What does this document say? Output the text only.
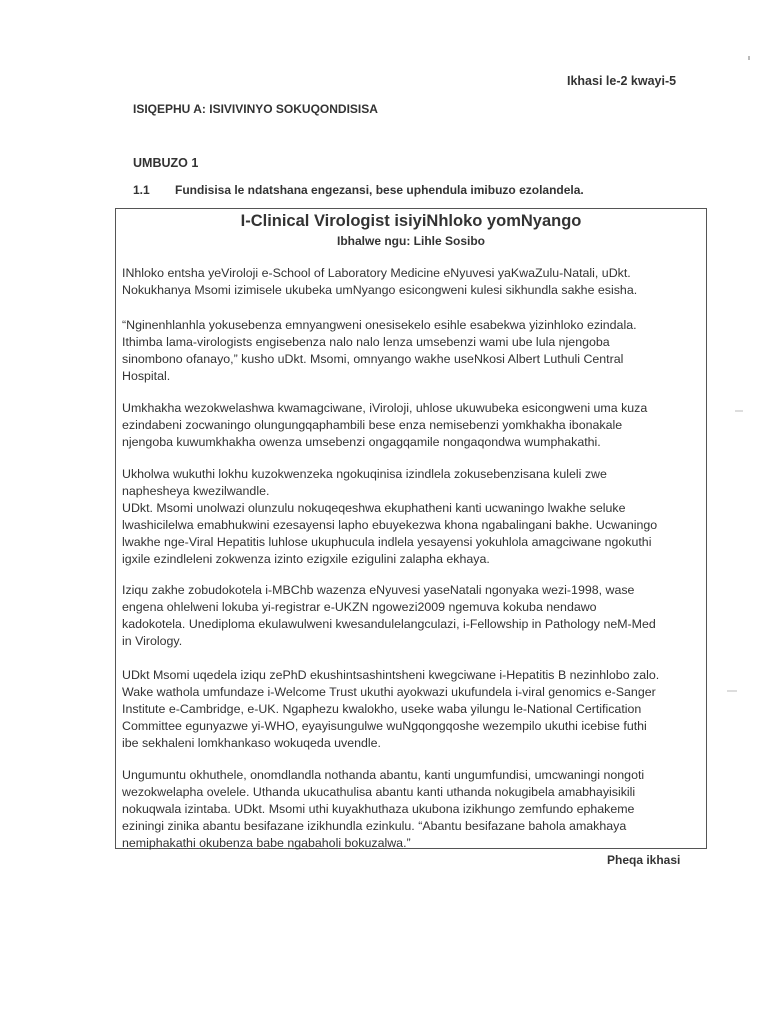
Ikhasi le-2 kwayi-5
ISIQEPHU A: ISIVIVINYO SOKUQONDISISA
UMBUZO 1
1.1 Fundisisa le ndatshana engezansi, bese uphendula imibuzo ezolandela.
I-Clinical Virologist isiyiNhloko yomNyango
Ibhalwe ngu: Lihle Sosibo
INhloko entsha yeViroloji e-School of Laboratory Medicine eNyuvesi yaKwaZulu-Natali, uDkt.
Nokukhanya Msomi izimisele ukubeka umNyango esicongweni kulesi sikhundla sakhe esisha.
“Nginenhlanhla yokusebenza emnyangweni onesisekelo esihle esabekwa yizinhloko ezindala.
Ithimba lama-virologists engisebenza nalo nalo lenza umsebenzi wami ube lula njengoba
sinombono ofanayo,” kusho uDkt. Msomi, omnyango wakhe useNkosi Albert Luthuli Central
Hospital.
Umkhakha wezokwelashwa kwamagciwane, iViroloji, uhlose ukuwubeka esicongweni uma kuza
ezindabeni zocwaningo olungungqaphambili bese enza nemisebenzi yomkhakha ibonakale
njengoba kuwumkhakha owenza umsebenzi ongagqamile nongaqondwa wumphakathi.
Ukholwa wukuthi lokhu kuzokwenzeka ngokuqinisa izindlela zokusebenzisana kuleli zwe
naphesheya kwezilwandle.
UDkt. Msomi unolwazi olunzulu nokuqeqeshwa ekuphatheni kanti ucwaningo lwakhe seluke
lwashicilelwa emabhukwini ezesayensi lapho ebuyekezwa khona ngabalingani bakhe. Ucwaningo
lwakhe nge-Viral Hepatitis luhlose ukuphucula indlela yesayensi yokuhlola amagciwane ngokuthi
igxile ezindleleni zokwenza izinto ezigxile ezigulini zalapha ekhaya.
Iziqu zakhe zobudokotela i-MBChb wazenza eNyuvesi yaseNatali ngonyaka wezi-1998, wase
engena ohlelweni lokuba yi-registrar e-UKZN ngowezi2009 ngemuva kokuba nendawo
kadokotela. Unediploma ekulawulweni kwesandulelangculazi, i-Fellowship in Pathology neM-Med
in Virology.
UDkt Msomi uqedela iziqu zePhD ekushintsashintsheni kwegciwane i-Hepatitis B nezinhlobo zalo.
Wake wathola umfundaze i-Welcome Trust ukuthi ayokwazi ukufundela i-viral genomics e-Sanger
Institute e-Cambridge, e-UK. Ngaphezu kwalokho, useke waba yilungu le-National Certification
Committee egunyazwe yi-WHO, eyayisungulwe wuNgqongqoshe wezempilo ukuthi icebise futhi
ibe sekhaleni lomkhankaso wokuqeda uvendle.
Ungumuntu okhuthele, onomdlandla nothanda abantu, kanti ungumfundisi, umcwaningi nongoti
wezokwelapha ovelele. Uthanda ukucathulisa abantu kanti uthanda nokugibela amabhayisikili
nokuqwala izintaba. UDkt. Msomi uthi kuyakhuthaza ukubona izikhungo zemfundo ephakeme
eziningi zinika abantu besifazane izikhundla ezinkulu. “Abantu besifazane bahola amakhaya
nemiphakathi okubenza babe ngabaholi bokuzalwa.”
Pheqa ikhasi
